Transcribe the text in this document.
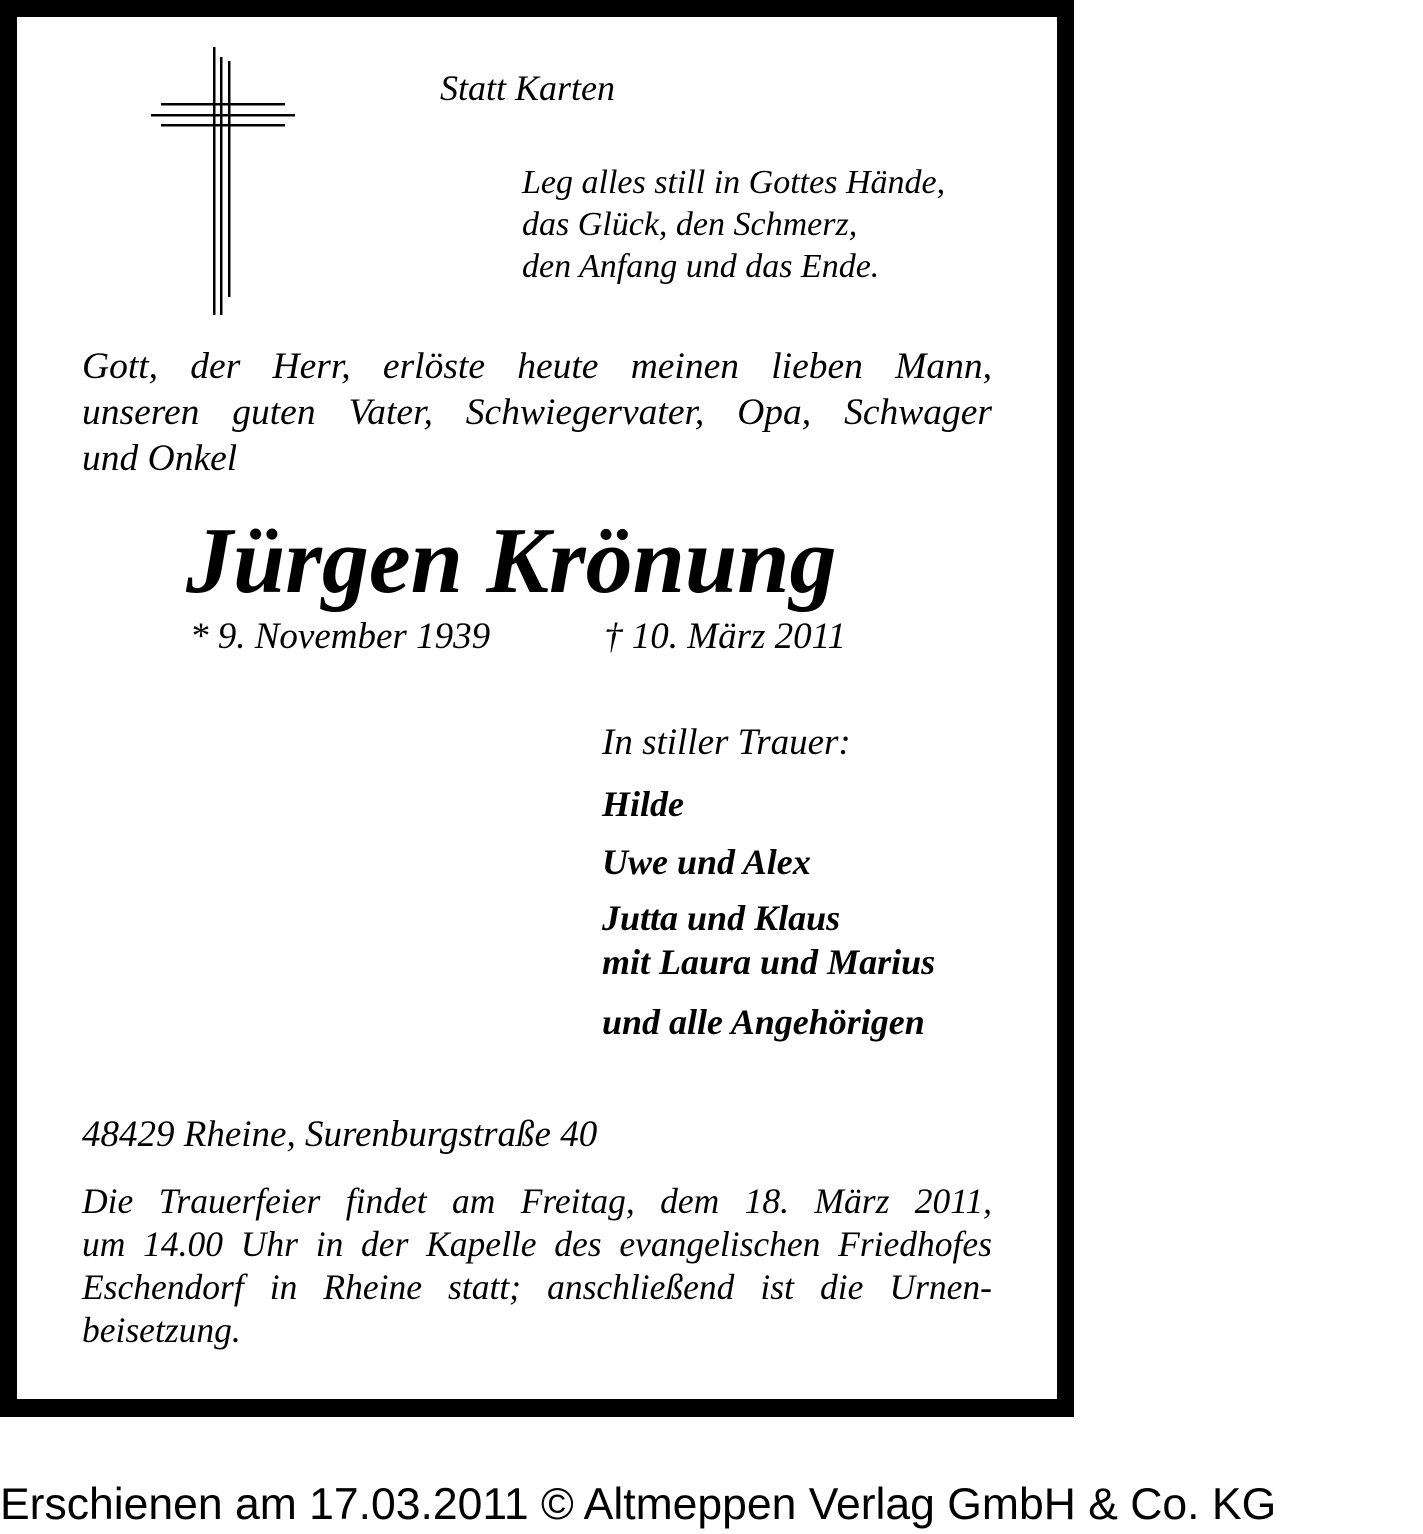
Statt Karten
Leg alles still in Gottes Hände,
das Glück, den Schmerz,
den Anfang und das Ende.
Gott, der Herr, erlöste heute meinen lieben Mann,
unseren guten Vater, Schwiegervater, Opa, Schwager
und Onkel
Jürgen Krönung
* 9. November 1939	† 10. März 2011
In stiller Trauer:
Hilde
Uwe und Alex
Jutta und Klaus
mit Laura und Marius
und alle Angehörigen
48429 Rheine, Surenburgstraße 40
Die Trauerfeier findet am Freitag, dem 18. März 2011,
um 14.00 Uhr in der Kapelle des evangelischen Friedhofes
Eschendorf in Rheine statt; anschließend ist die Urnen-
beisetzung.
Erschienen am 17.03.2011 © Altmeppen Verlag GmbH & Co. KG
